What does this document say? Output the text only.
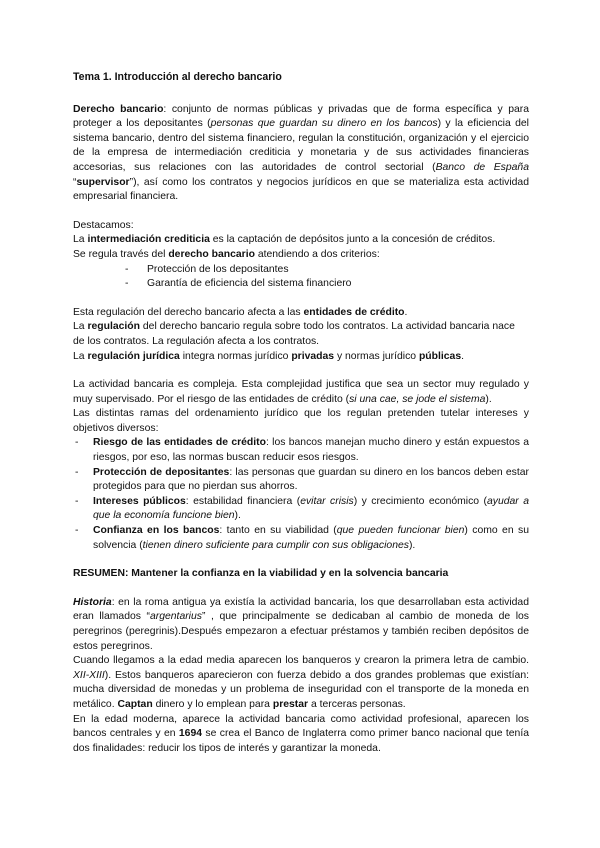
Tema 1. Introducción al derecho bancario

Derecho bancario: conjunto de normas públicas y privadas que de forma específica y para proteger a los depositantes (personas que guardan su dinero en los bancos) y la eficiencia del sistema bancario, dentro del sistema financiero, regulan la constitución, organización y el ejercicio de la empresa de intermediación crediticia y monetaria y de sus actividades financieras accesorias, sus relaciones con las autoridades de control sectorial (Banco de España “supervisor”), así como los contratos y negocios jurídicos en que se materializa esta actividad empresarial financiera.

Destacamos:

La intermediación crediticia es la captación de depósitos junto a la concesión de créditos.

Se regula través del derecho bancario atendiendo a dos criterios:

- Protección de los depositantes
- Garantía de eficiencia del sistema financiero

Esta regulación del derecho bancario afecta a las entidades de crédito.

La regulación del derecho bancario regula sobre todo los contratos. La actividad bancaria nace de los contratos. La regulación afecta a los contratos.

La regulación jurídica integra normas jurídico privadas y normas jurídico públicas.

La actividad bancaria es compleja. Esta complejidad justifica que sea un sector muy regulado y muy supervisado. Por el riesgo de las entidades de crédito (si una cae, se jode el sistema).

Las distintas ramas del ordenamiento jurídico que los regulan pretenden tutelar intereses y objetivos diversos:

- Riesgo de las entidades de crédito: los bancos manejan mucho dinero y están expuestos a riesgos, por eso, las normas buscan reducir esos riesgos.
- Protección de depositantes: las personas que guardan su dinero en los bancos deben estar protegidos para que no pierdan sus ahorros.
- Intereses públicos: estabilidad financiera (evitar crisis) y crecimiento económico (ayudar a que la economía funcione bien).
- Confianza en los bancos: tanto en su viabilidad (que pueden funcionar bien) como en su solvencia (tienen dinero suficiente para cumplir con sus obligaciones).

RESUMEN: Mantener la confianza en la viabilidad y en la solvencia bancaria

Historia: en la roma antigua ya existía la actividad bancaria, los que desarrollaban esta actividad eran llamados “argentarius” , que principalmente se dedicaban al cambio de moneda de los peregrinos (peregrinis).Después empezaron a efectuar préstamos y también reciben depósitos de estos peregrinos.

Cuando llegamos a la edad media aparecen los banqueros y crearon la primera letra de cambio. XII-XIII). Estos banqueros aparecieron con fuerza debido a dos grandes problemas que existían: mucha diversidad de monedas y un problema de inseguridad con el transporte de la moneda en metálico. Captan dinero y lo emplean para prestar a terceras personas.

En la edad moderna, aparece la actividad bancaria como actividad profesional, aparecen los bancos centrales y en 1694 se crea el Banco de Inglaterra como primer banco nacional que tenía dos finalidades: reducir los tipos de interés y garantizar la moneda.
